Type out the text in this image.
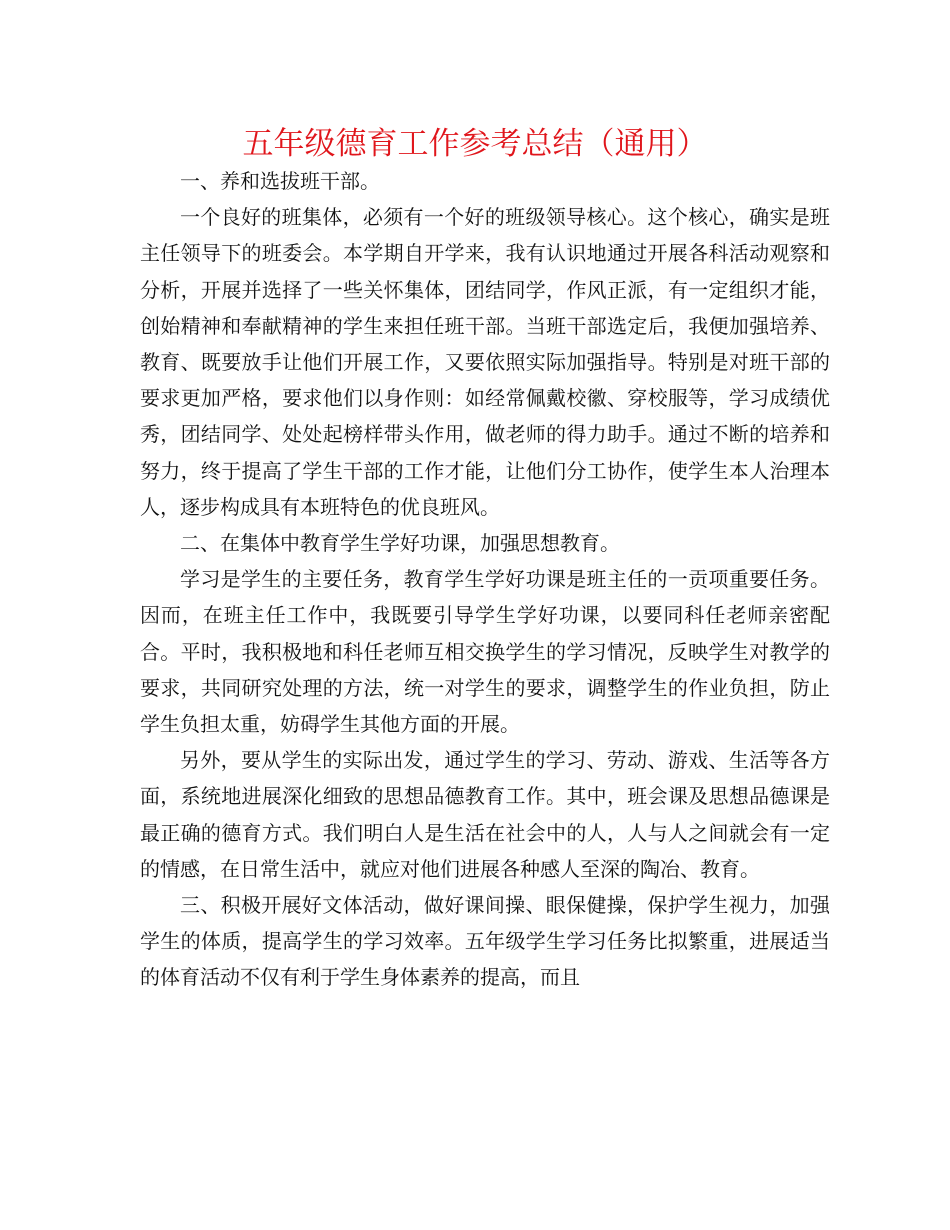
五年级德育工作参考总结（通用）

一、养和选拔班干部。

一个良好的班集体，必须有一个好的班级领导核心。这个核心，确实是班主任领导下的班委会。本学期自开学来，我有认识地通过开展各科活动观察和分析，开展并选择了一些关怀集体，团结同学，作风正派，有一定组织才能，创始精神和奉献精神的学生来担任班干部。当班干部选定后，我便加强培养、教育、既要放手让他们开展工作，又要依照实际加强指导。特别是对班干部的要求更加严格，要求他们以身作则：如经常佩戴校徽、穿校服等，学习成绩优秀，团结同学、处处起榜样带头作用，做老师的得力助手。通过不断的培养和努力，终于提高了学生干部的工作才能，让他们分工协作，使学生本人治理本人，逐步构成具有本班特色的优良班风。

二、在集体中教育学生学好功课，加强思想教育。

学习是学生的主要任务，教育学生学好功课是班主任的一贡项重要任务。因而，在班主任工作中，我既要引导学生学好功课，以要同科任老师亲密配合。平时，我积极地和科任老师互相交换学生的学习情况，反映学生对教学的要求，共同研究处理的方法，统一对学生的要求，调整学生的作业负担，防止学生负担太重，妨碍学生其他方面的开展。

另外，要从学生的实际出发，通过学生的学习、劳动、游戏、生活等各方面，系统地进展深化细致的思想品德教育工作。其中，班会课及思想品德课是最正确的德育方式。我们明白人是生活在社会中的人，人与人之间就会有一定的情感，在日常生活中，就应对他们进展各种感人至深的陶冶、教育。

三、积极开展好文体活动，做好课间操、眼保健操，保护学生视力，加强学生的体质，提高学生的学习效率。五年级学生学习任务比拟繁重，进展适当的体育活动不仅有利于学生身体素养的提高，而且
